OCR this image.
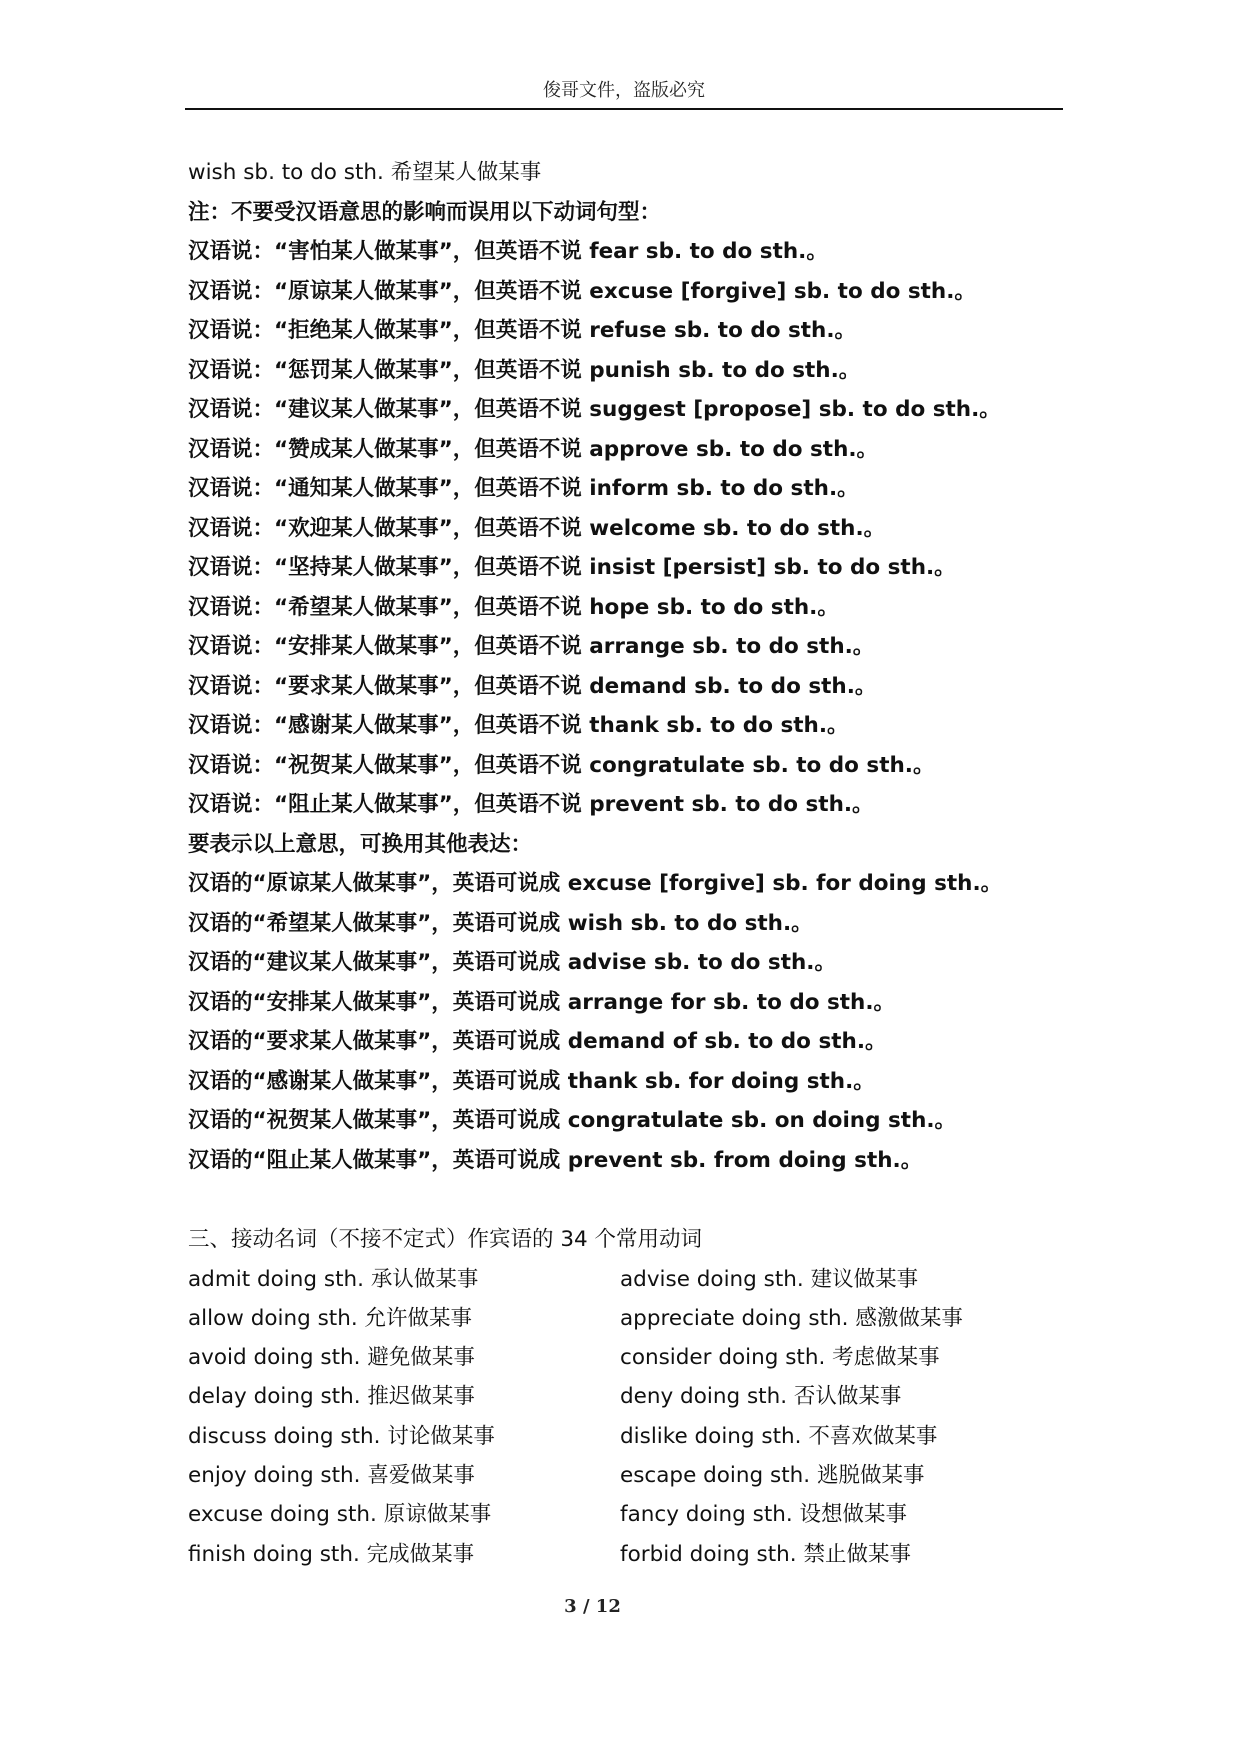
俊哥文件，盗版必究
wish sb. to do sth. 希望某人做某事
注：不要受汉语意思的影响而误用以下动词句型：
汉语说：“害怕某人做某事”，但英语不说 fear sb. to do sth.。
汉语说：“原谅某人做某事”，但英语不说 excuse [forgive] sb. to do sth.。
汉语说：“拒绝某人做某事”，但英语不说 refuse sb. to do sth.。
汉语说：“惩罚某人做某事”，但英语不说 punish sb. to do sth.。
汉语说：“建议某人做某事”，但英语不说 suggest [propose] sb. to do sth.。
汉语说：“赞成某人做某事”，但英语不说 approve sb. to do sth.。
汉语说：“通知某人做某事”，但英语不说 inform sb. to do sth.。
汉语说：“欢迎某人做某事”，但英语不说 welcome sb. to do sth.。
汉语说：“坚持某人做某事”，但英语不说 insist [persist] sb. to do sth.。
汉语说：“希望某人做某事”，但英语不说 hope sb. to do sth.。
汉语说：“安排某人做某事”，但英语不说 arrange sb. to do sth.。
汉语说：“要求某人做某事”，但英语不说 demand sb. to do sth.。
汉语说：“感谢某人做某事”，但英语不说 thank sb. to do sth.。
汉语说：“祝贺某人做某事”，但英语不说 congratulate sb. to do sth.。
汉语说：“阻止某人做某事”，但英语不说 prevent sb. to do sth.。
要表示以上意思，可换用其他表达：
汉语的“原谅某人做某事”，英语可说成 excuse [forgive] sb. for doing sth.。
汉语的“希望某人做某事”，英语可说成 wish sb. to do sth.。
汉语的“建议某人做某事”，英语可说成 advise sb. to do sth.。
汉语的“安排某人做某事”，英语可说成 arrange for sb. to do sth.。
汉语的“要求某人做某事”，英语可说成 demand of sb. to do sth.。
汉语的“感谢某人做某事”，英语可说成 thank sb. for doing sth.。
汉语的“祝贺某人做某事”，英语可说成 congratulate sb. on doing sth.。
汉语的“阻止某人做某事”，英语可说成 prevent sb. from doing sth.。
三、接动名词（不接不定式）作宾语的 34 个常用动词
admit doing sth. 承认做某事	advise doing sth. 建议做某事
allow doing sth. 允许做某事	appreciate doing sth. 感激做某事
avoid doing sth. 避免做某事	consider doing sth. 考虑做某事
delay doing sth. 推迟做某事	deny doing sth. 否认做某事
discuss doing sth. 讨论做某事	dislike doing sth. 不喜欢做某事
enjoy doing sth. 喜爱做某事	escape doing sth. 逃脱做某事
excuse doing sth. 原谅做某事	fancy doing sth. 设想做某事
finish doing sth. 完成做某事	forbid doing sth. 禁止做某事
3 / 12
